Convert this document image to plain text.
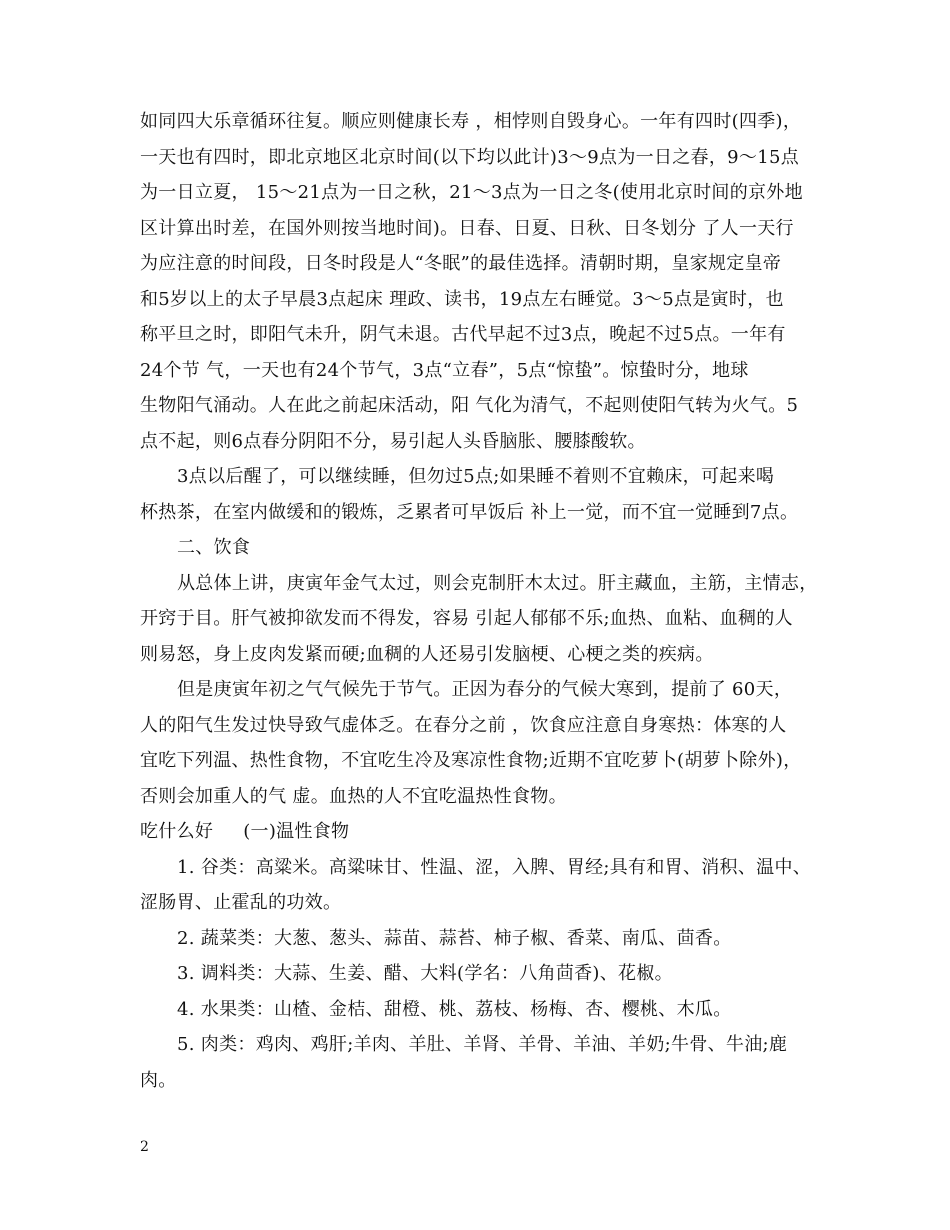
如同四大乐章循环往复。顺应则健康长寿 ，相悖则自毁身心。一年有四时(四季)，
一天也有四时，即北京地区北京时间(以下均以此计)3～9点为一日之春，9～15点
为一日立夏， 15～21点为一日之秋，21～3点为一日之冬(使用北京时间的京外地
区计算出时差，在国外则按当地时间)。日春、日夏、日秋、日冬划分 了人一天行
为应注意的时间段，日冬时段是人“冬眠”的最佳选择。清朝时期，皇家规定皇帝
和5岁以上的太子早晨3点起床 理政、读书，19点左右睡觉。3～5点是寅时，也
称平旦之时，即阳气未升，阴气未退。古代早起不过3点，晚起不过5点。一年有
24个节 气，一天也有24个节气，3点“立春”，5点“惊蛰”。惊蛰时分，地球
生物阳气涌动。人在此之前起床活动，阳 气化为清气，不起则使阳气转为火气。5
点不起，则6点春分阴阳不分，易引起人头昏脑胀、腰膝酸软。
3点以后醒了，可以继续睡，但勿过5点;如果睡不着则不宜赖床，可起来喝
杯热茶，在室内做缓和的锻炼，乏累者可早饭后 补上一觉，而不宜一觉睡到7点。
二、饮食
从总体上讲，庚寅年金气太过，则会克制肝木太过。肝主藏血，主筋，主情志，
开窍于目。肝气被抑欲发而不得发，容易 引起人郁郁不乐;血热、血粘、血稠的人
则易怒，身上皮肉发紧而硬;血稠的人还易引发脑梗、心梗之类的疾病。
但是庚寅年初之气气候先于节气。正因为春分的气候大寒到，提前了 60天，
人的阳气生发过快导致气虚体乏。在春分之前 ，饮食应注意自身寒热：体寒的人
宜吃下列温、热性食物，不宜吃生冷及寒凉性食物;近期不宜吃萝卜(胡萝卜除外)，
否则会加重人的气 虚。血热的人不宜吃温热性食物。
吃什么好 (一)温性食物
1. 谷类：高粱米。高粱味甘、性温、涩，入脾、胃经;具有和胃、消积、温中、
涩肠胃、止霍乱的功效。
2. 蔬菜类：大葱、葱头、蒜苗、蒜苔、柿子椒、香菜、南瓜、茴香。
3. 调料类：大蒜、生姜、醋、大料(学名：八角茴香)、花椒。
4. 水果类：山楂、金桔、甜橙、桃、荔枝、杨梅、杏、樱桃、木瓜。
5. 肉类：鸡肉、鸡肝;羊肉、羊肚、羊肾、羊骨、羊油、羊奶;牛骨、牛油;鹿
肉。
2
